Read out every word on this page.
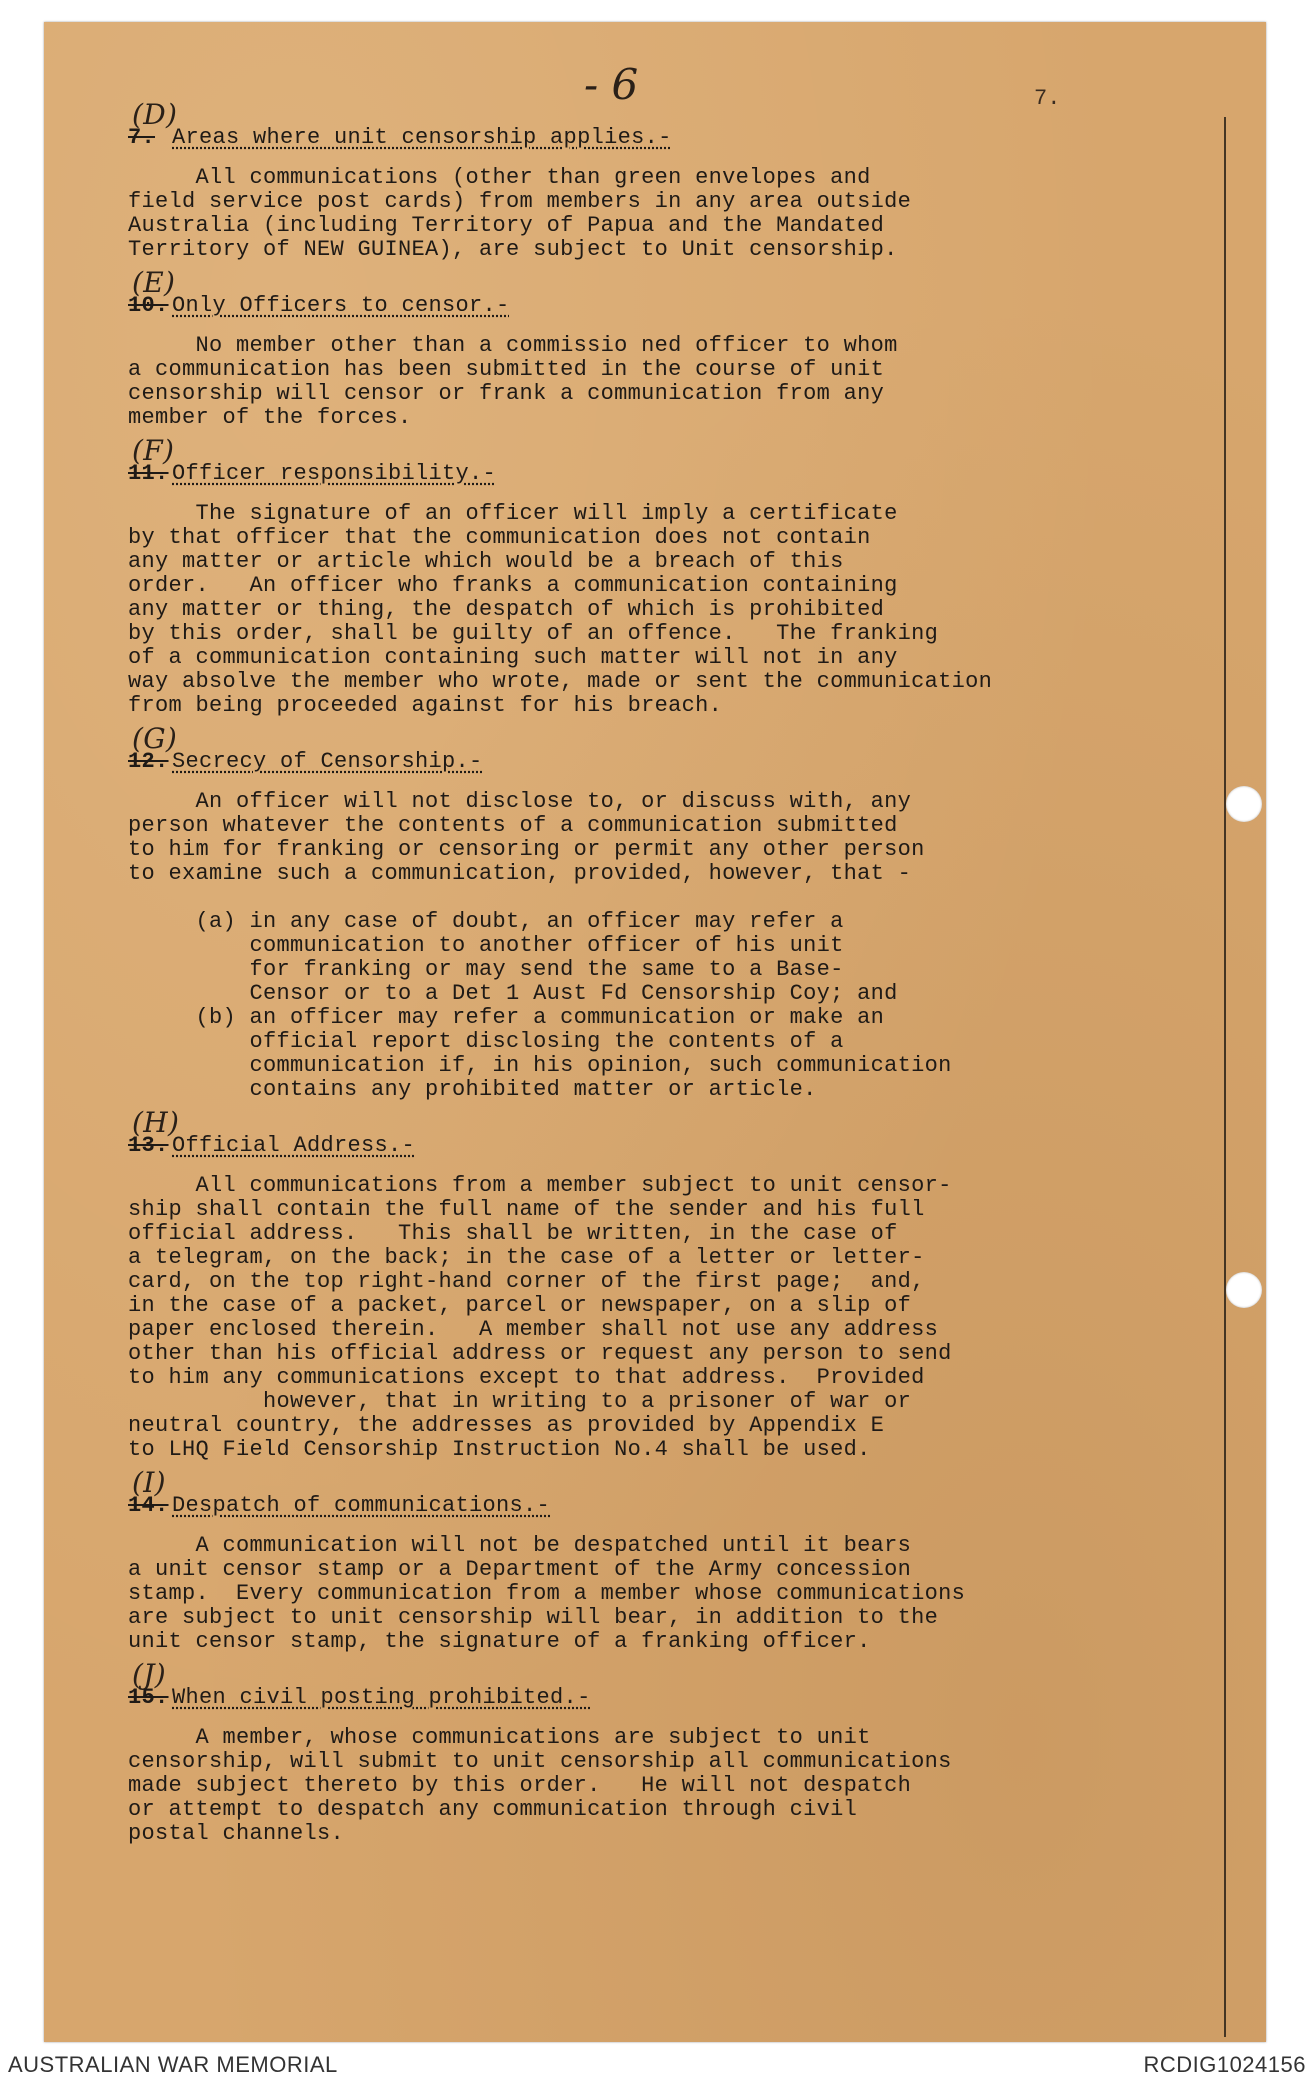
- 6	7.
(D)
7. Areas where unit censorship applies.-
All communications (other than green envelopes and
field service post cards) from members in any area outside
Australia (including Territory of Papua and the Mandated
Territory of NEW GUINEA), are subject to Unit censorship.
(E)
10. Only Officers to censor.-
No member other than a commissio ned officer to whom
a communication has been submitted in the course of unit
censorship will censor or frank a communication from any
member of the forces.
(F)
11. Officer responsibility.-
The signature of an officer will imply a certificate
by that officer that the communication does not contain
any matter or article which would be a breach of this
order.   An officer who franks a communication containing
any matter or thing, the despatch of which is prohibited
by this order, shall be guilty of an offence.   The franking
of a communication containing such matter will not in any
way absolve the member who wrote, made or sent the communication
from being proceeded against for his breach.
(G)
12. Secrecy of Censorship.-
An officer will not disclose to, or discuss with, any
person whatever the contents of a communication submitted
to him for franking or censoring or permit any other person
to examine such a communication, provided, however, that -

(a) in any case of doubt, an officer may refer a
communication to another officer of his unit
for franking or may send the same to a Base-
Censor or to a Det 1 Aust Fd Censorship Coy; and
(b) an officer may refer a communication or make an
official report disclosing the contents of a
communication if, in his opinion, such communication
contains any prohibited matter or article.
(H)
13. Official Address.-
All communications from a member subject to unit censor-
ship shall contain the full name of the sender and his full
official address.   This shall be written, in the case of
a telegram, on the back; in the case of a letter or letter-
card, on the top right-hand corner of the first page;  and,
in the case of a packet, parcel or newspaper, on a slip of
paper enclosed therein.   A member shall not use any address
other than his official address or request any person to send
to him any communications except to that address.  Provided
however, that in writing to a prisoner of war or
neutral country, the addresses as provided by Appendix E
to LHQ Field Censorship Instruction No.4 shall be used.
(I)
14. Despatch of communications.-
A communication will not be despatched until it bears
a unit censor stamp or a Department of the Army concession
stamp.  Every communication from a member whose communications
are subject to unit censorship will bear, in addition to the
unit censor stamp, the signature of a franking officer.
(J)
15. When civil posting prohibited.-
A member, whose communications are subject to unit
censorship, will submit to unit censorship all communications
made subject thereto by this order.   He will not despatch
or attempt to despatch any communication through civil
postal channels.
AUSTRALIAN WAR MEMORIAL	RCDIG1024156
